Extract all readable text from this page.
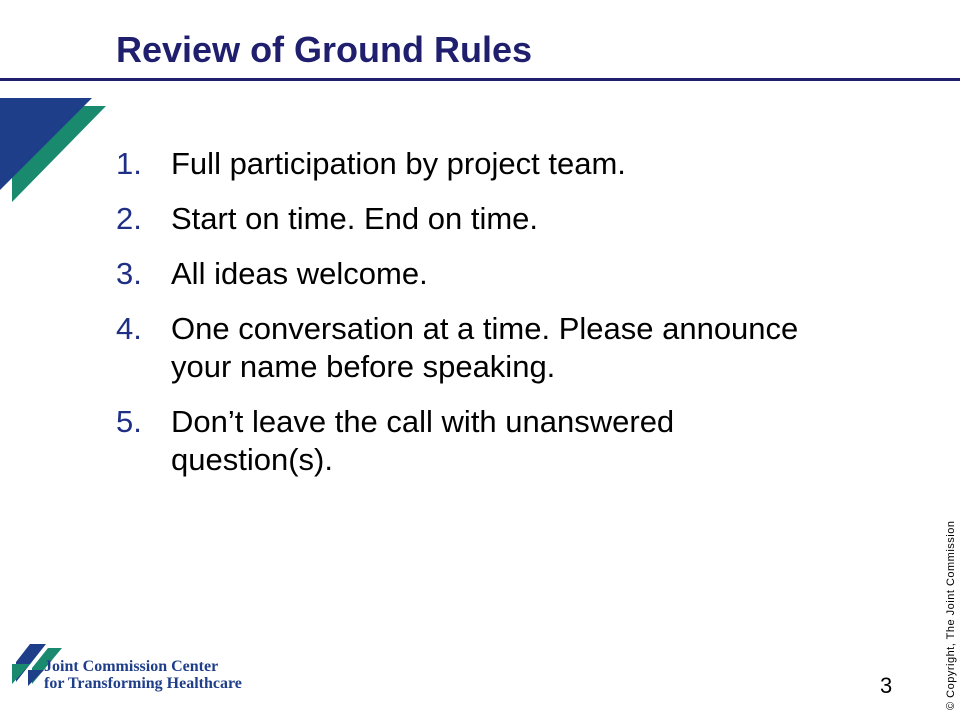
Review of Ground Rules
1. Full participation by project team.
2. Start on time. End on time.
3. All ideas welcome.
4. One conversation at a time. Please announce your name before speaking.
5. Don’t leave the call with unanswered question(s).
© Copyright, The Joint Commission
3
Joint Commission Center
for Transforming Healthcare
